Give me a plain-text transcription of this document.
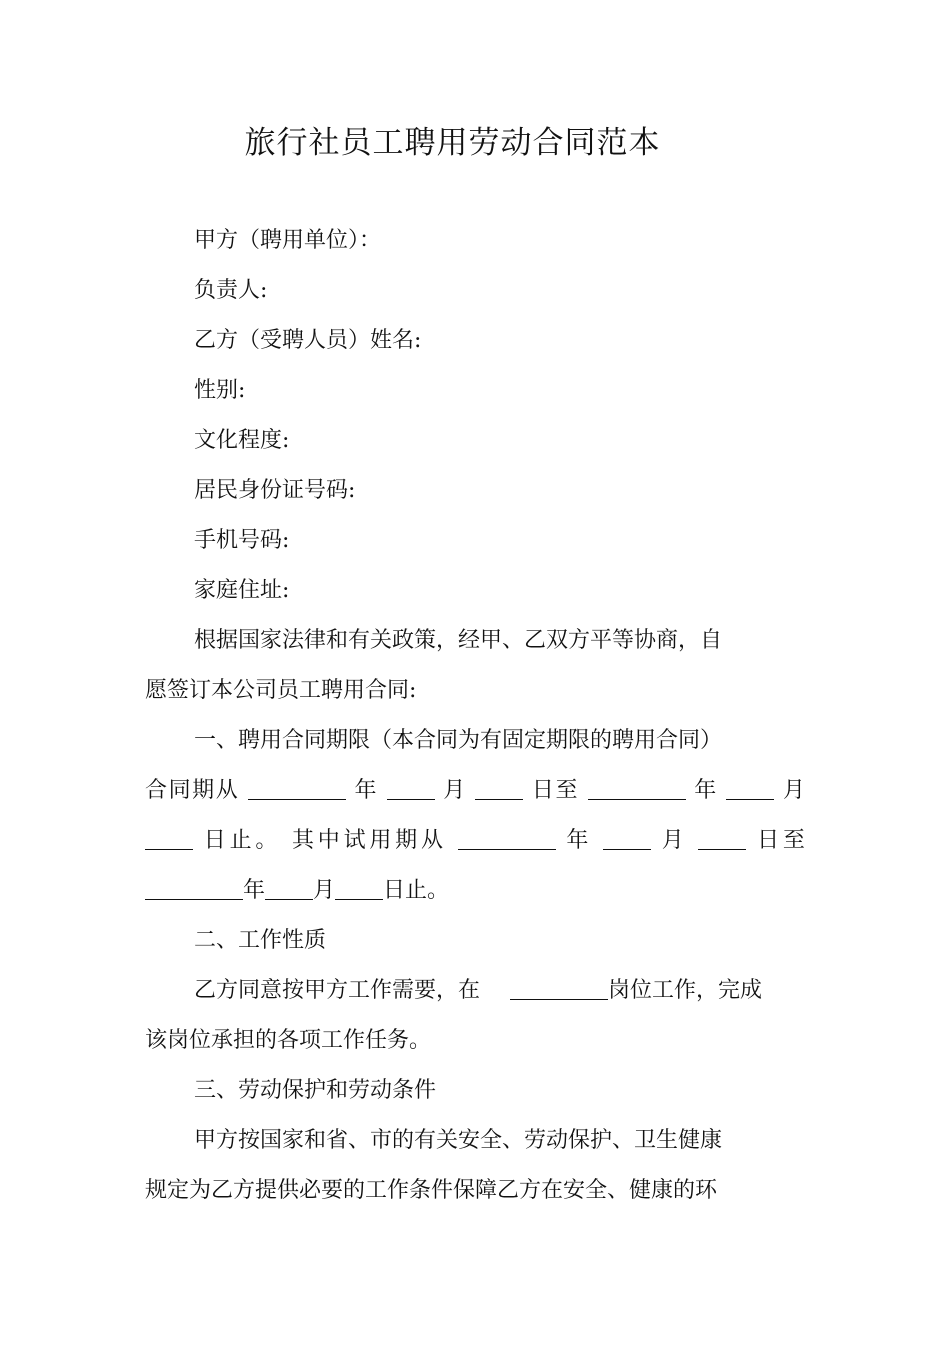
旅行社员工聘用劳动合同范本
甲方（聘用单位）：
负责人:
乙方（受聘人员）姓名:
性别:
文化程度:
居民身份证号码:
手机号码:
家庭住址:
根据国家法律和有关政策，经甲、乙双方平等协商，自
愿签订本公司员工聘用合同:
一、聘用合同期限（本合同为有固定期限的聘用合同）
合同期从	年	月	日至	年	月
日止。 其中试用期从	年	月	日至
年 月 日止。
二、工作性质
乙方同意按甲方工作需要，在	岗位工作，完成
该岗位承担的各项工作任务。
三、劳动保护和劳动条件
甲方按国家和省、市的有关安全、劳动保护、卫生健康
规定为乙方提供必要的工作条件保障乙方在安全、健康的环
